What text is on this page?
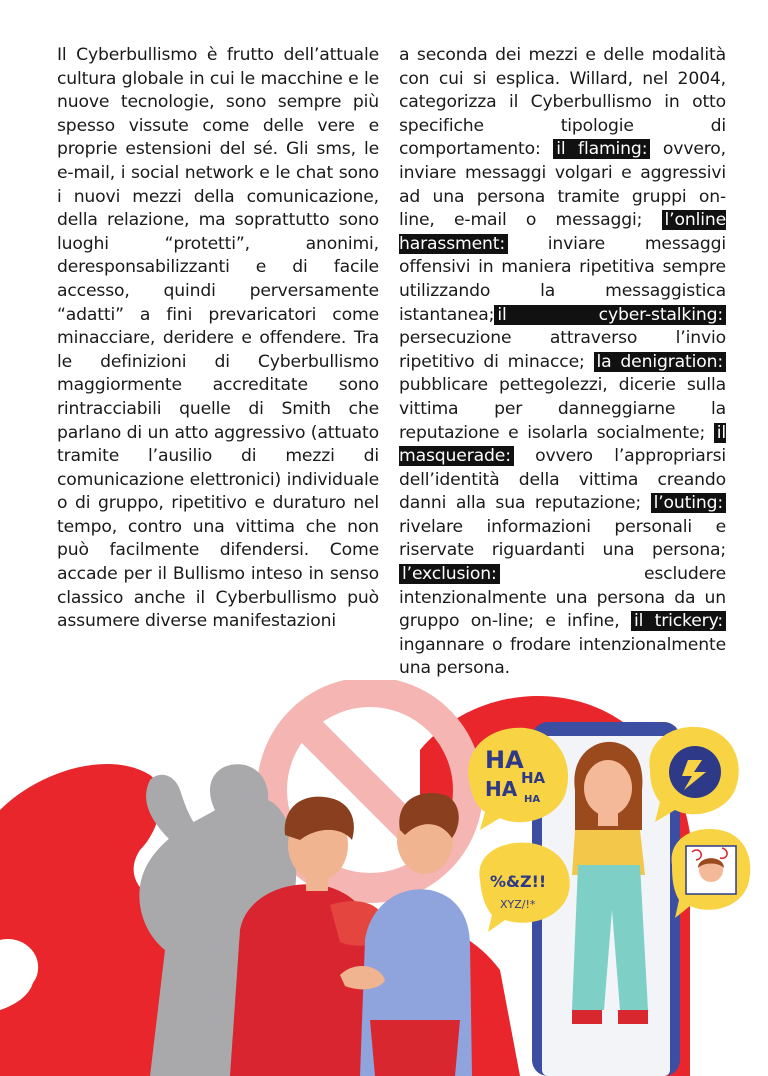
Il Cyberbullismo è frutto dell’attuale cultura globale in cui le macchine e le nuove tecnologie, sono sempre più spesso vissute come delle vere e proprie estensioni del sé. Gli sms, le e-mail, i social network e le chat sono i nuovi mezzi della comunicazione, della relazione, ma soprattutto sono luoghi “protetti”, anonimi, deresponsabilizzanti e di facile accesso, quindi perversamente “adatti” a fini prevaricatori come minacciare, deridere e offendere. Tra le definizioni di Cyberbullismo maggiormente accreditate sono rintracciabili quelle di Smith che parlano di un atto aggressivo (attuato tramite l’ausilio di mezzi di comunicazione elettronici) individuale o di gruppo, ripetitivo e duraturo nel tempo, contro una vittima che non può facilmente difendersi. Come accade per il Bullismo inteso in senso classico anche il Cyberbullismo può assumere diverse manifestazioni

a seconda dei mezzi e delle modalità con cui si esplica. Willard, nel 2004, categorizza il Cyberbullismo in otto specifiche tipologie di comportamento: il flaming: ovvero, inviare messaggi volgari e aggressivi ad una persona tramite gruppi on-line, e-mail o messaggi; l’online harassment: inviare messaggi offensivi in maniera ripetitiva sempre utilizzando la messaggistica istantanea; il cyber-stalking: persecuzione attraverso l’invio ripetitivo di minacce; la denigration: pubblicare pettegolezzi, dicerie sulla vittima per danneggiarne la reputazione e isolarla socialmente; il masquerade: ovvero l’appropriarsi dell’identità della vittima creando danni alla sua reputazione; l’outing: rivelare informazioni personali e riservate riguardanti una persona; l’exclusion: escludere intenzionalmente una persona da un gruppo on-line; e infine, il trickery: ingannare o frodare intenzionalmente una persona.

HA
HA HA
HA
%&Z!!
XYZ/!*
